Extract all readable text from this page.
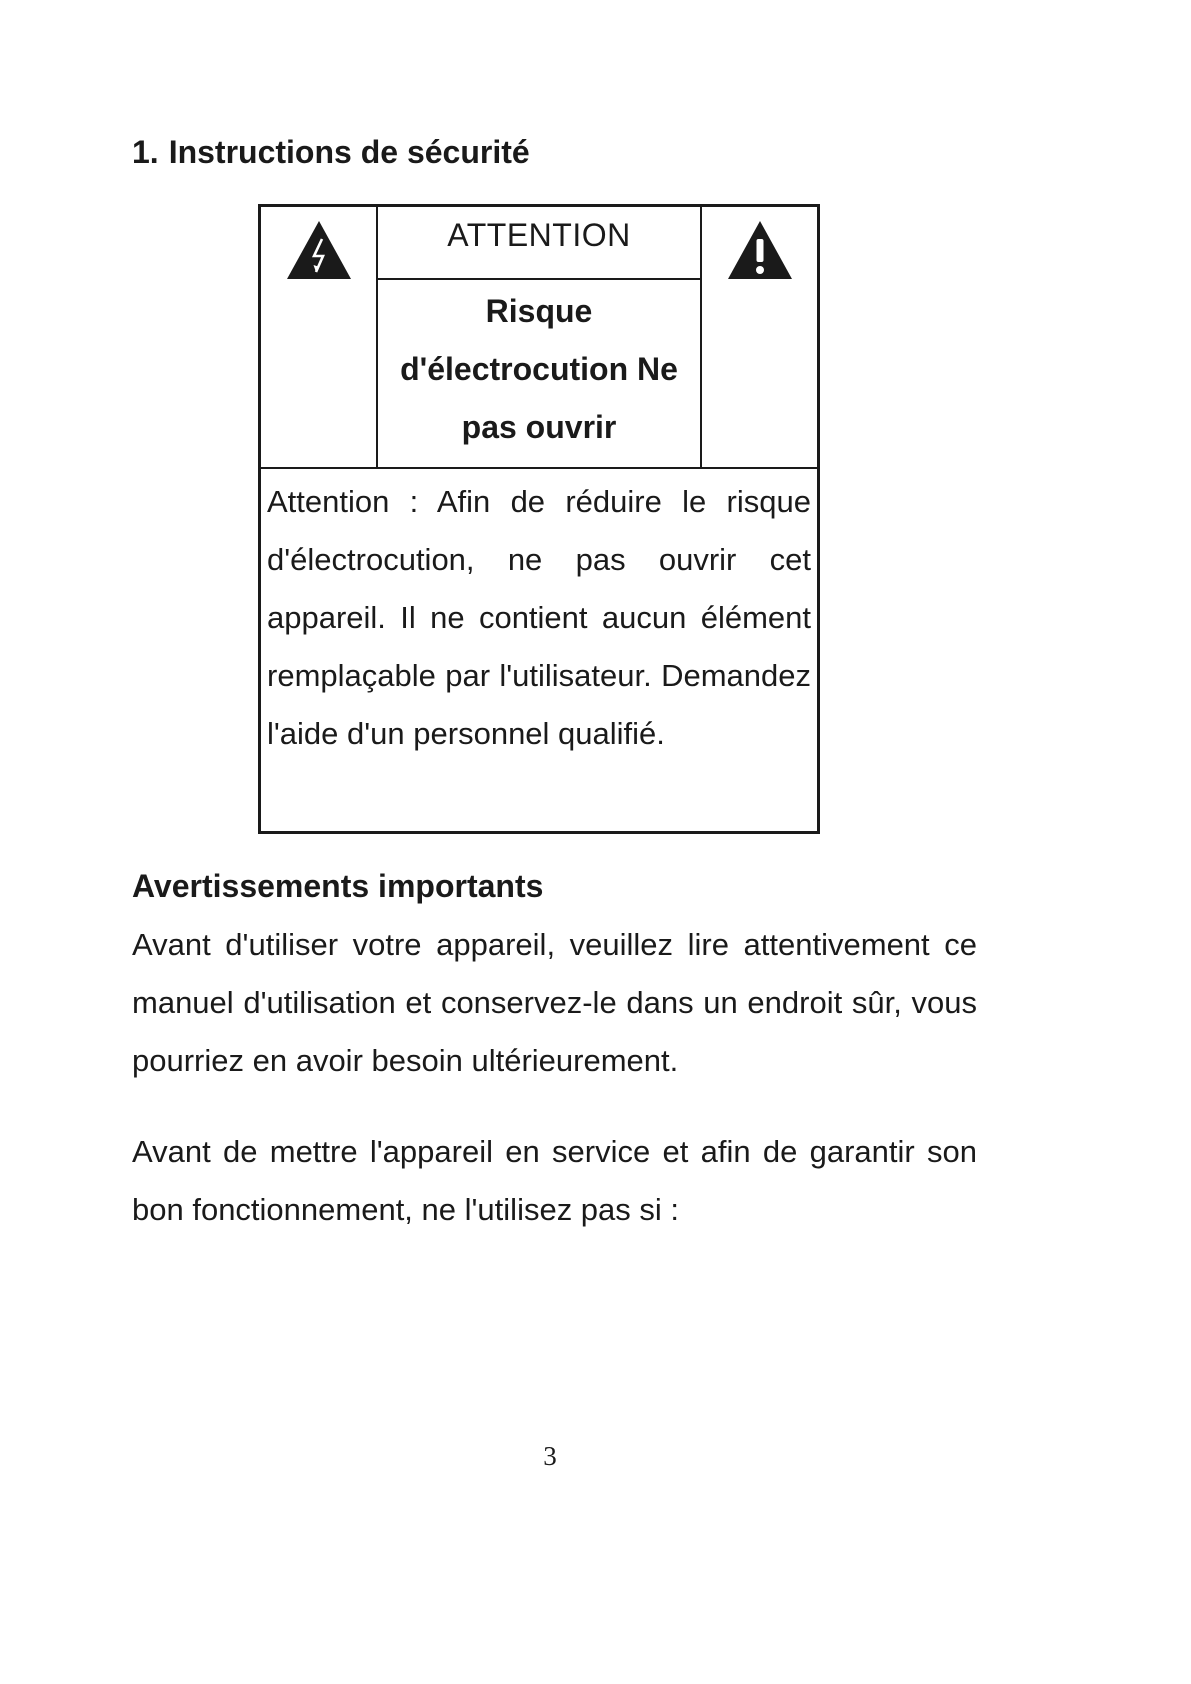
1. Instructions de sécurité
ATTENTION
Risque d'électrocution Ne pas ouvrir
Attention : Afin de réduire le risque d'électrocution, ne pas ouvrir cet appareil. Il ne contient aucun élément remplaçable par l'utilisateur. Demandez l'aide d'un personnel qualifié.
Avertissements importants

Avant d'utiliser votre appareil, veuillez lire attentivement ce manuel d'utilisation et conservez-le dans un endroit sûr, vous pourriez en avoir besoin ultérieurement.

Avant de mettre l'appareil en service et afin de garantir son bon fonctionnement, ne l'utilisez pas si :

3
